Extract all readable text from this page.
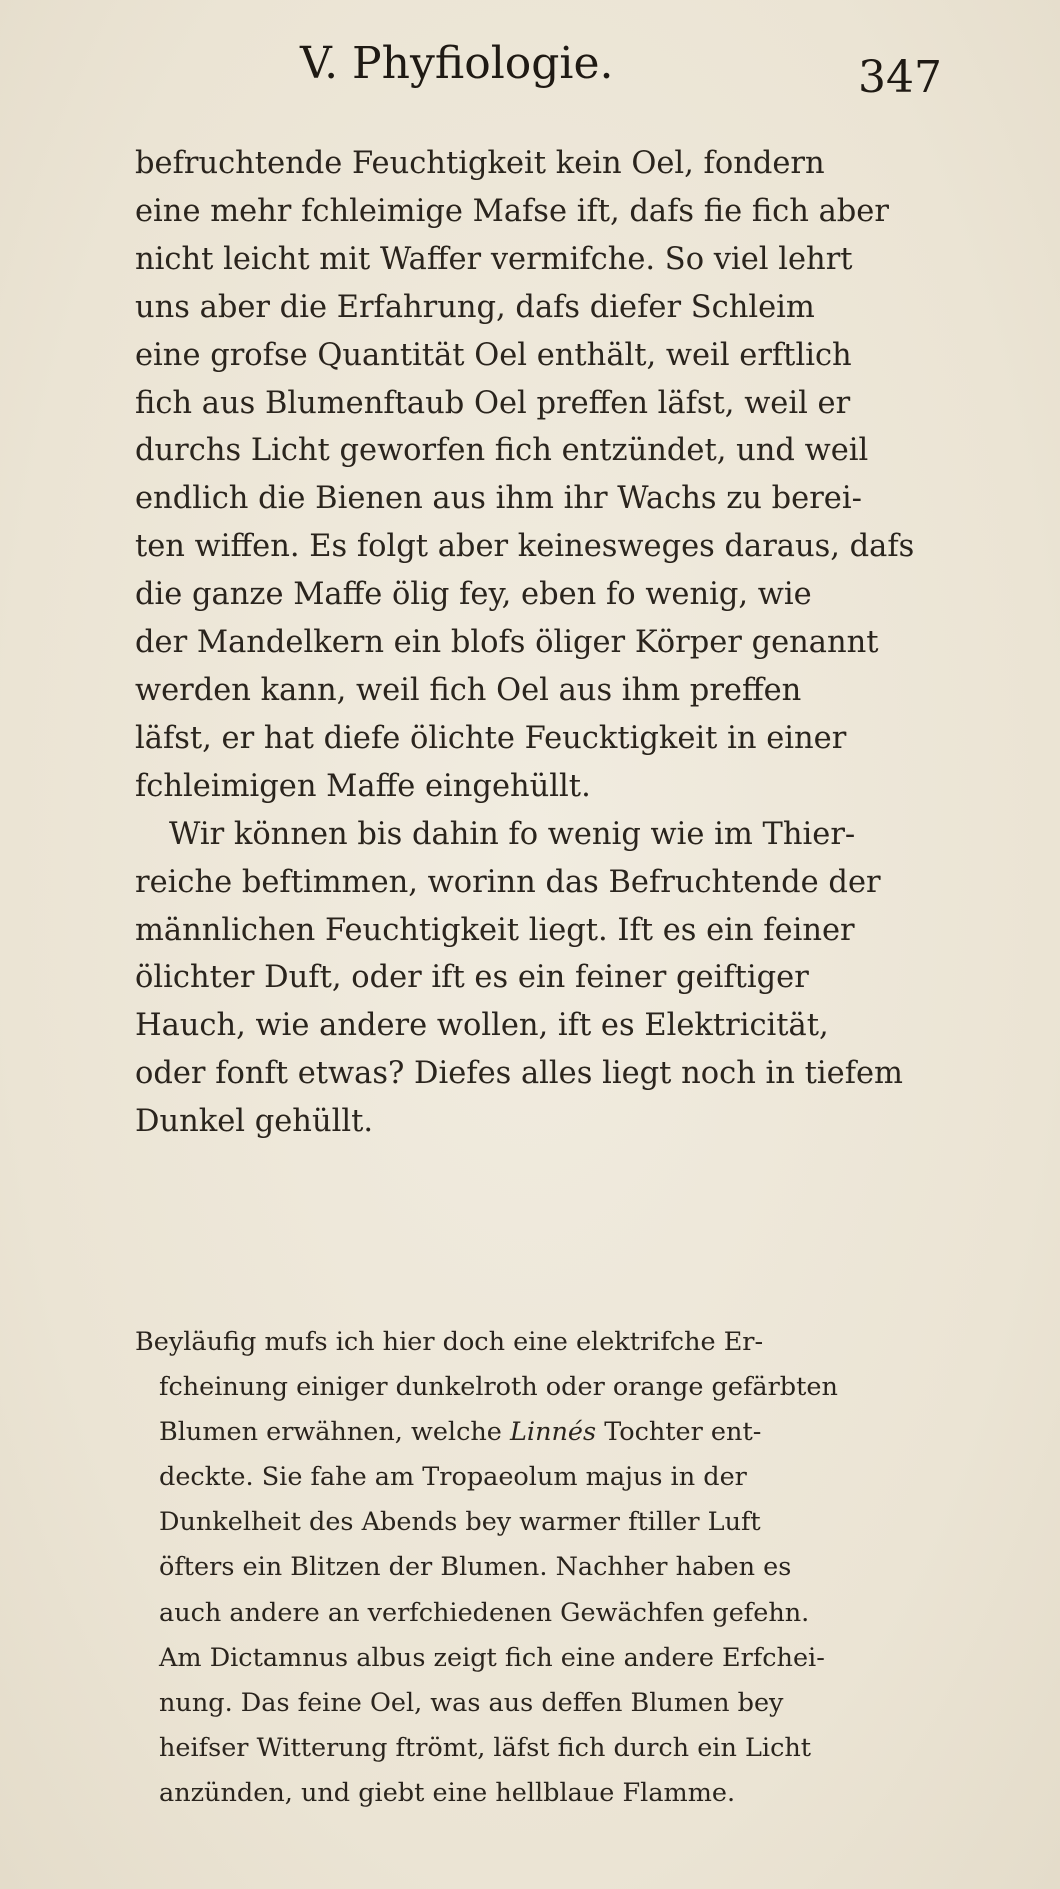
V. Phyfiologie.	347

befruchtende Feuchtigkeit kein Oel, fondern
eine mehr fchleimige Mafse ift, dafs fie fich aber
nicht leicht mit Waffer vermifche. So viel lehrt
uns aber die Erfahrung, dafs diefer Schleim
eine grofse Quantität Oel enthält, weil erftlich
fich aus Blumenftaub Oel preffen läfst, weil er
durchs Licht geworfen fich entzündet, und weil
endlich die Bienen aus ihm ihr Wachs zu berei-
ten wiffen. Es folgt aber keinesweges daraus, dafs
die ganze Maffe ölig fey, eben fo wenig, wie
der Mandelkern ein blofs öliger Körper genannt
werden kann, weil fich Oel aus ihm preffen
läfst, er hat diefe ölichte Feucktigkeit in einer
fchleimigen Maffe eingehüllt.

Wir können bis dahin fo wenig wie im Thier-
reiche beftimmen, worinn das Befruchtende der
männlichen Feuchtigkeit liegt. Ift es ein feiner
ölichter Duft, oder ift es ein feiner geiftiger
Hauch, wie andere wollen, ift es Elektricität,
oder fonft etwas? Diefes alles liegt noch in tiefem
Dunkel gehüllt.

Beyläufig mufs ich hier doch eine elektrifche Er-
fcheinung einiger dunkelroth oder orange gefärbten
Blumen erwähnen, welche Linnés Tochter ent-
deckte. Sie fahe am Tropaeolum majus in der
Dunkelheit des Abends bey warmer ftiller Luft
öfters ein Blitzen der Blumen. Nachher haben es
auch andere an verfchiedenen Gewächfen gefehn.
Am Dictamnus albus zeigt fich eine andere Erfchei-
nung. Das feine Oel, was aus deffen Blumen bey
heifser Witterung ftrömt, läfst fich durch ein Licht
anzünden, und giebt eine hellblaue Flamme.
